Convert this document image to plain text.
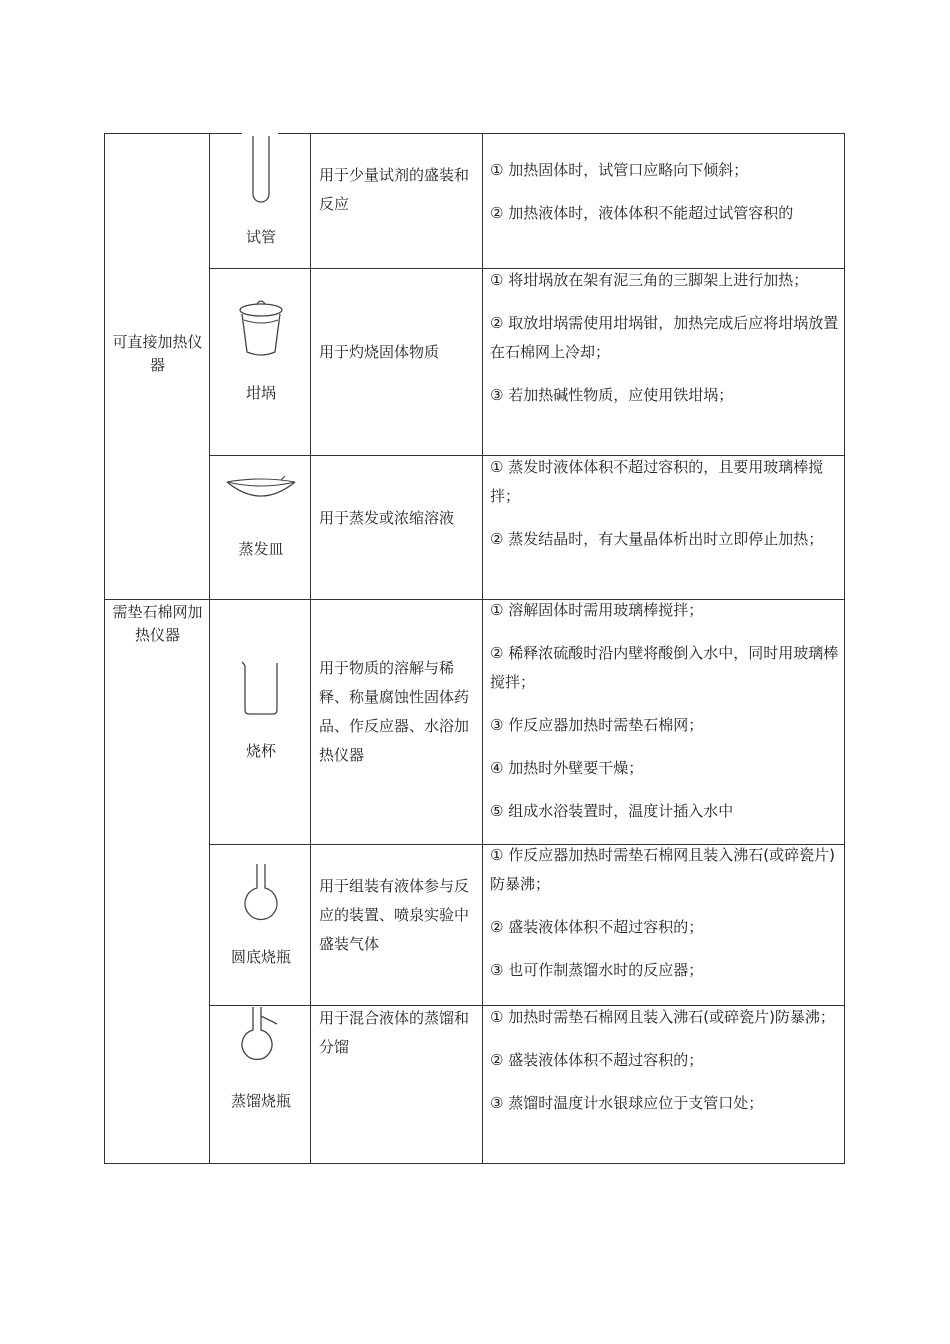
可直接加热仪器
需垫石棉网加热仪器
试管
用于少量试剂的盛装和反应

① 加热固体时，试管口应略向下倾斜；

② 加热液体时，液体体积不能超过试管容积的

坩埚
用于灼烧固体物质

① 将坩埚放在架有泥三角的三脚架上进行加热；

② 取放坩埚需使用坩埚钳，加热完成后应将坩埚放置在石棉网上冷却；

③ 若加热碱性物质，应使用铁坩埚；

蒸发皿
用于蒸发或浓缩溶液

① 蒸发时液体体积不超过容积的，且要用玻璃棒搅拌；

② 蒸发结晶时，有大量晶体析出时立即停止加热；

烧杯
用于物质的溶解与稀释、称量腐蚀性固体药品、作反应器、水浴加热仪器

① 溶解固体时需用玻璃棒搅拌；

② 稀释浓硫酸时沿内壁将酸倒入水中，同时用玻璃棒搅拌；

③ 作反应器加热时需垫石棉网；

④ 加热时外壁要干燥；

⑤ 组成水浴装置时，温度计插入水中

圆底烧瓶
用于组装有液体参与反应的装置、喷泉实验中盛装气体

① 作反应器加热时需垫石棉网且装入沸石(或碎瓷片)防暴沸；

② 盛装液体体积不超过容积的；

③ 也可作制蒸馏水时的反应器；

蒸馏烧瓶
用于混合液体的蒸馏和分馏

① 加热时需垫石棉网且装入沸石(或碎瓷片)防暴沸；

② 盛装液体体积不超过容积的；

③ 蒸馏时温度计水银球应位于支管口处；
